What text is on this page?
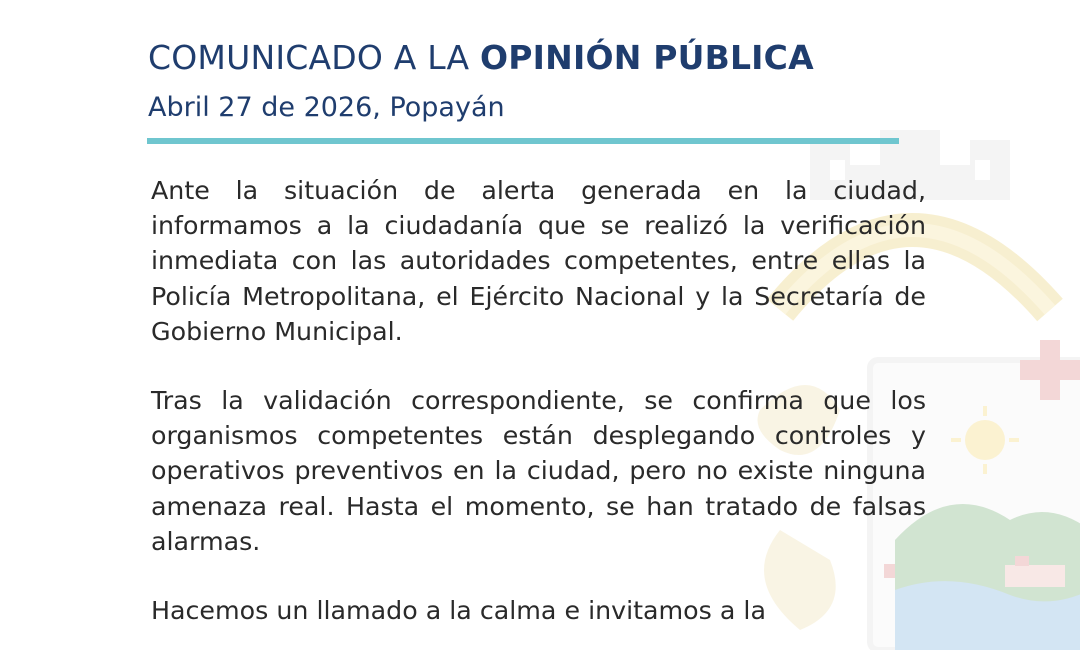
COMUNICADO A LA OPINIÓN PÚBLICA
Abril 27 de 2026, Popayán

Ante la situación de alerta generada en la ciudad, informamos a la ciudadanía que se realizó la verificación inmediata con las autoridades competentes, entre ellas la Policía Metropolitana, el Ejército Nacional y la Secretaría de Gobierno Municipal.

Tras la validación correspondiente, se confirma que los organismos competentes están desplegando controles y operativos preventivos en la ciudad, pero no existe ninguna amenaza real. Hasta el momento, se han tratado de falsas alarmas.

Hacemos un llamado a la calma e invitamos a la
